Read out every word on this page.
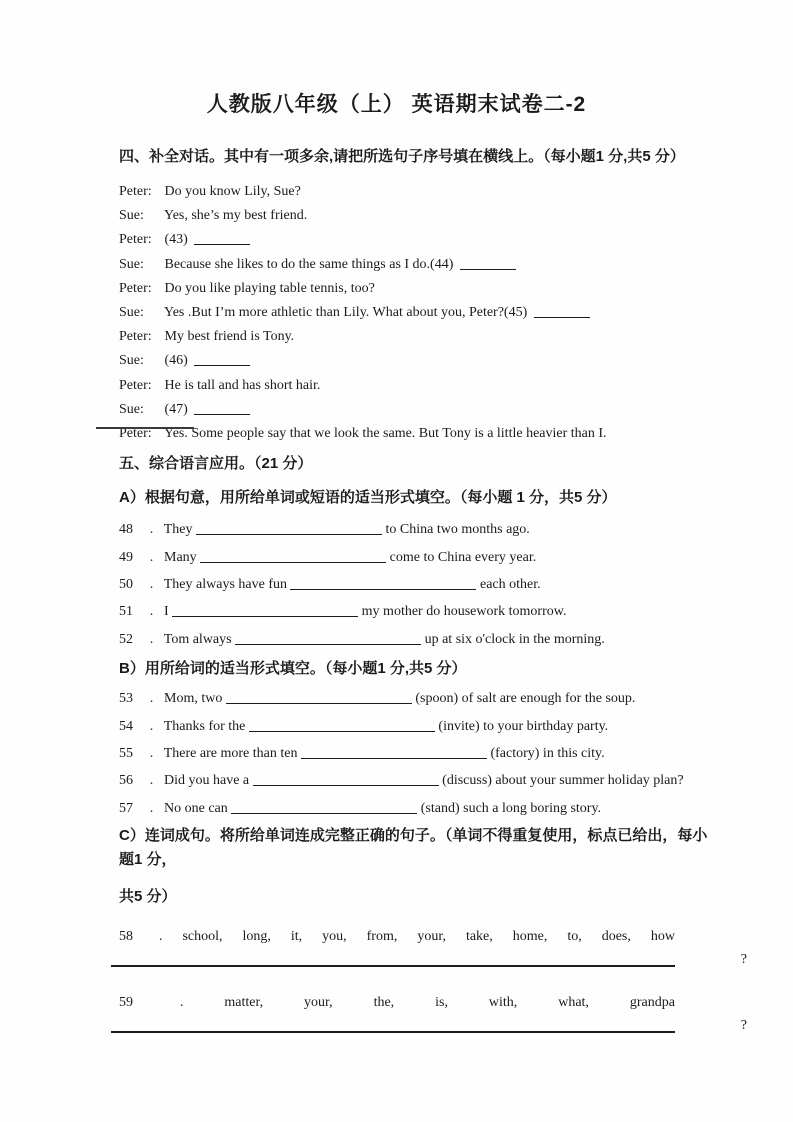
人教版八年级（上） 英语期末试卷二-2
四、补全对话。其中有一项多余,请把所选句子序号填在横线上。（每小题1 分,共5 分）
Peter: Do you know Lily, Sue?
Sue: Yes, she’s my best friend.
Peter: (43)
Sue: Because she likes to do the same things as I do.(44)
Peter: Do you like playing table tennis, too?
Sue: Yes .But I’m more athletic than Lily. What about you, Peter?(45)
Peter: My best friend is Tony.
Sue: (46)
Peter: He is tall and has short hair.
Sue: (47)
Peter: Yes. Some people say that we look the same. But Tony is a little heavier than I.
五、综合语言应用。（21 分）
A）根据句意，用所给单词或短语的适当形式填空。（每小题 1 分，共5 分）
48 . They	to China two months ago.
49 . Many	come to China every year.
50 . They always have fun	each other.
51 . I	my mother do housework tomorrow.
52 . Tom always	up at six o'clock in the morning.
B）用所给词的适当形式填空。（每小题1 分,共5 分）
53 . Mom, two	(spoon) of salt are enough for the soup.
54 . Thanks for the	(invite) to your birthday party.
55 . There are more than ten	(factory) in this city.
56 . Did you have a	(discuss) about your summer holiday plan?
57 . No one can	(stand) such a long boring story.
C）连词成句。将所给单词连成完整正确的句子。（单词不得重复使用，标点已给出，每小
题1 分，
共5 分）
58	. school, long, it, you, from, your, take, home, to, does, how
?
59	.	matter,	your,	the,	is,	with,	what,	grandpa
?
